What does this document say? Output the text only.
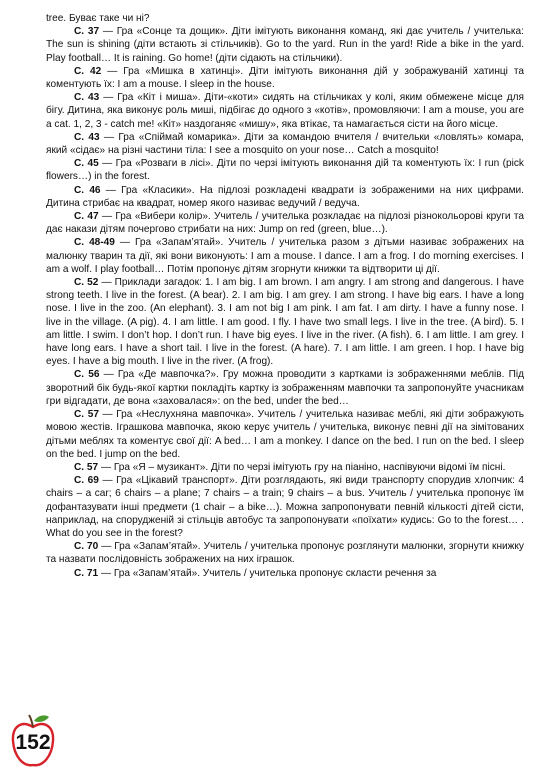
tree. Буває таке чи ні?

С. 37 — Гра «Сонце та дощик». Діти імітують виконання команд, які дає учитель / учителька: The sun is shining (діти встають зі стільчиків). Go to the yard. Run in the yard! Ride a bike in the yard. Play football… It is raining. Go home! (діти сідають на стільчики).

С. 42 — Гра «Мишка в хатинці». Діти імітують виконання дій у зображуваній хатинці та коментують їх: I am a mouse. I sleep in the house.

С. 43 — Гра «Кіт і миша». Діти-«коти» сидять на стільчиках у колі, яким обмежене місце для бігу. Дитина, яка виконує роль миші, підбігає до одного з «котів», промовляючи: I am a mouse, you are a cat. 1, 2, 3 - catch me! «Кіт» наздоганяє «мишу», яка втікає, та намагається сісти на його місце.

С. 43 — Гра «Спіймай комарика». Діти за командою вчителя / вчительки «ловлять» комара, який «сідає» на різні частини тіла: I see a mosquito on your nose… Catch a mosquito!

С. 45 — Гра «Розваги в лісі». Діти по черзі імітують виконання дій та коментують їх: I run (pick flowers…) in the forest.

С. 46 — Гра «Класики». На підлозі розкладені квадрати із зображеними на них цифрами. Дитина стрибає на квадрат, номер якого називає ведучий / ведуча.

С. 47 — Гра «Вибери колір». Учитель / учителька розкладає на підлозі різнокольорові круги та дає накази дітям почергово стрибати на них: Jump on red (green, blue…).

С. 48-49 — Гра «Запам’ятай». Учитель / учителька разом з дітьми називає зображених на малюнку тварин та дії, які вони виконують: I am a mouse. I dance. I am a frog. I do morning exercises. I am a wolf. I play football… Потім пропонує дітям згорнути книжки та відтворити ці дії.

С. 52 — Приклади загадок: 1. I am big. I am brown. I am angry. I am strong and dangerous. I have strong teeth. I live in the forest. (A bear). 2. I am big. I am grey. I am strong. I have big ears. I have a long nose. I live in the zoo. (An elephant). 3. I am not big I am pink. I am fat. I am dirty. I have a funny nose. I live in the village. (A pig). 4. I am little. I am good. I fly. I have two small legs. I live in the tree. (A bird). 5. I am little. I swim. I don’t hop. I don’t run. I have big eyes. I live in the river. (A fish). 6. I am little. I am grey. I have long ears. I have a short tail. I live in the forest. (A hare). 7. I am little. I am green. I hop. I have big eyes. I have a big mouth. I live in the river. (A frog).

С. 56 — Гра «Де мавпочка?». Гру можна проводити з картками із зображеннями меблів. Під зворотний бік будь-якої картки покладіть картку із зображенням мавпочки та запропонуйте учасникам гри відгадати, де вона «заховалася»: on the bed, under the bed…

С. 57 — Гра «Неслухняна мавпочка». Учитель / учителька називає меблі, які діти зображують мовою жестів. Іграшкова мавпочка, якою керує учитель / учителька, виконує певні дії на зімітованих дітьми меблях та коментує свої дії: A bed… I am a monkey. I dance on the bed. I run on the bed. I sleep on the bed. I jump on the bed.

С. 57 — Гра «Я – музикант». Діти по черзі імітують гру на піаніно, наспівуючи відомі їм пісні.

С. 69 — Гра «Цікавий транспорт». Діти розглядають, які види транспорту спорудив хлопчик: 4 chairs – a car; 6 chairs – a plane; 7 chairs – a train; 9 chairs – a bus. Учитель / учителька пропонує їм дофантазувати інші предмети (1 chair – a bike…). Можна запропонувати певній кількості дітей сісти, наприклад, на спорудженій зі стільців автобус та запропонувати «поїхати» кудись: Go to the forest… . What do you see in the forest?

С. 70 — Гра «Запам’ятай». Учитель / учителька пропонує розглянути малюнки, згорнути книжку та назвати послідовність зображених на них іграшок.

С. 71 — Гра «Запам’ятай». Учитель / учителька пропонує скласти речення за

152
